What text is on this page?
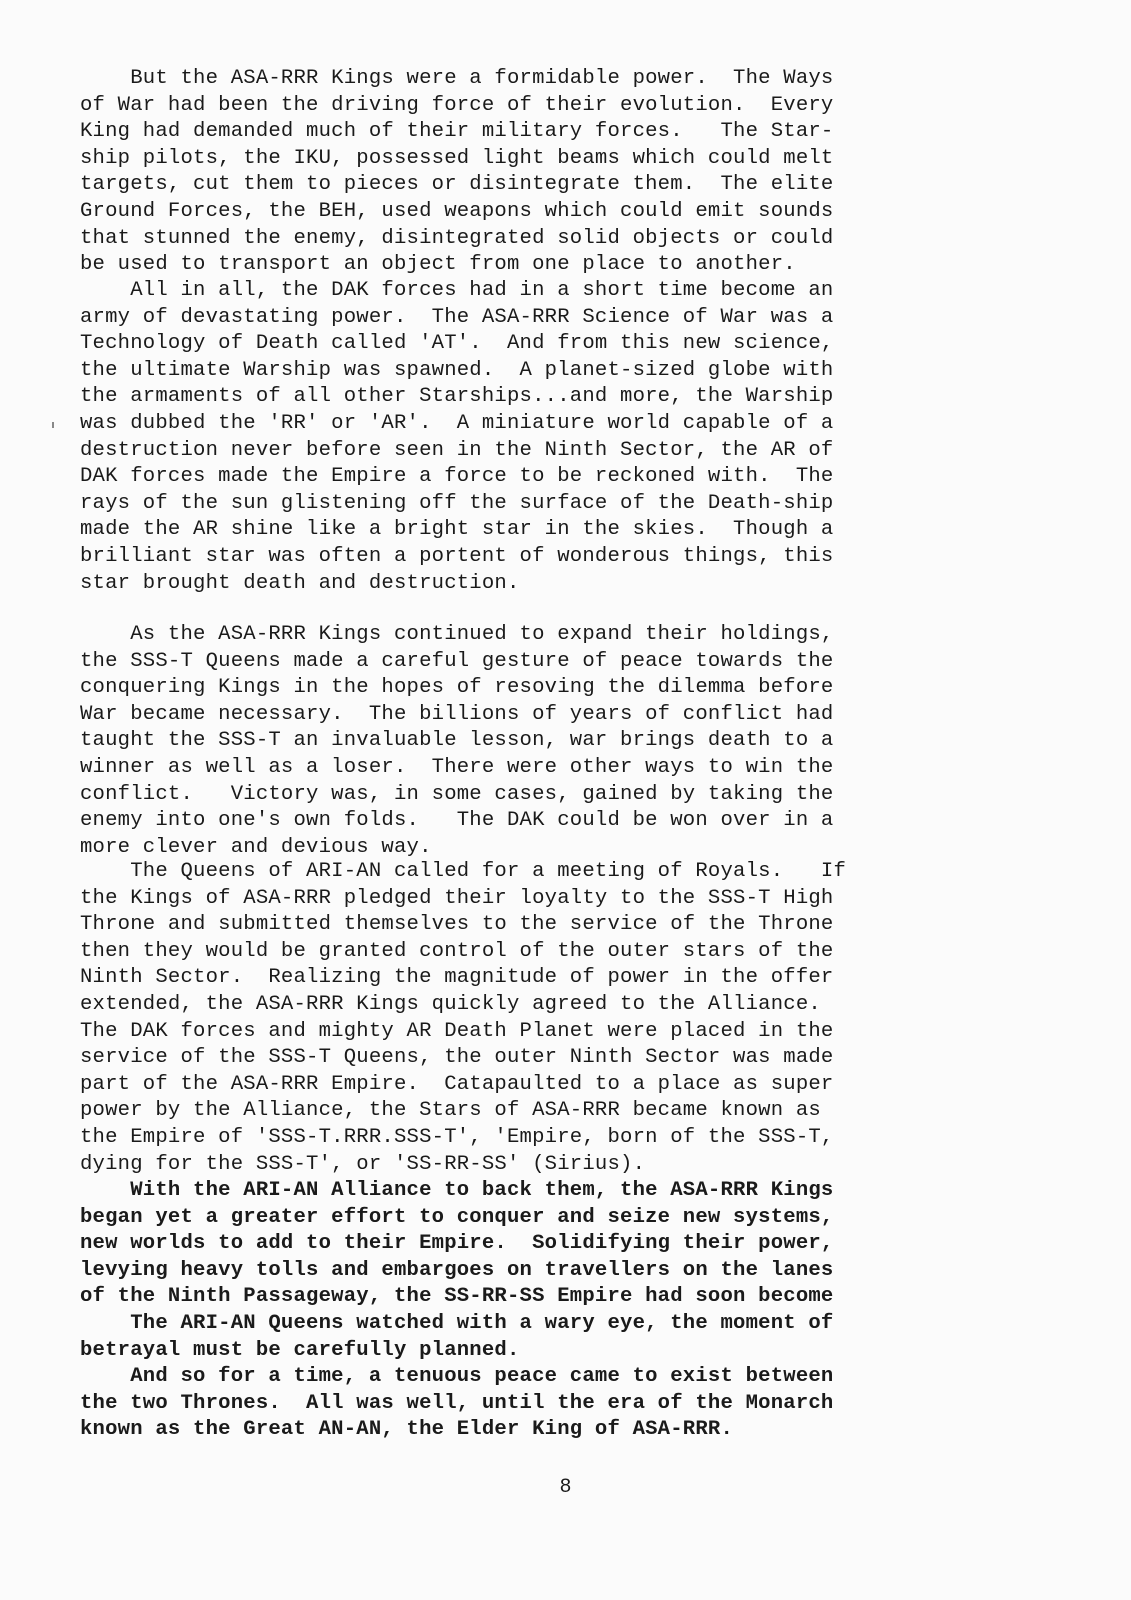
But the ASA-RRR Kings were a formidable power.  The Ways
of War had been the driving force of their evolution.  Every
King had demanded much of their military forces.   The Star-
ship pilots, the IKU, possessed light beams which could melt
targets, cut them to pieces or disintegrate them.  The elite
Ground Forces, the BEH, used weapons which could emit sounds
that stunned the enemy, disintegrated solid objects or could
be used to transport an object from one place to another.
All in all, the DAK forces had in a short time become an
army of devastating power.  The ASA-RRR Science of War was a
Technology of Death called 'AT'.  And from this new science,
the ultimate Warship was spawned.  A planet-sized globe with
the armaments of all other Starships...and more, the Warship
was dubbed the 'RR' or 'AR'.  A miniature world capable of a
destruction never before seen in the Ninth Sector, the AR of
DAK forces made the Empire a force to be reckoned with.  The
rays of the sun glistening off the surface of the Death-ship
made the AR shine like a bright star in the skies.  Though a
brilliant star was often a portent of wonderous things, this
star brought death and destruction.
As the ASA-RRR Kings continued to expand their holdings,
the SSS-T Queens made a careful gesture of peace towards the
conquering Kings in the hopes of resoving the dilemma before
War became necessary.  The billions of years of conflict had
taught the SSS-T an invaluable lesson, war brings death to a
winner as well as a loser.  There were other ways to win the
conflict.   Victory was, in some cases, gained by taking the
enemy into one's own folds.   The DAK could be won over in a
more clever and devious way.
The Queens of ARI-AN called for a meeting of Royals.   If
the Kings of ASA-RRR pledged their loyalty to the SSS-T High
Throne and submitted themselves to the service of the Throne
then they would be granted control of the outer stars of the
Ninth Sector.  Realizing the magnitude of power in the offer
extended, the ASA-RRR Kings quickly agreed to the Alliance.
The DAK forces and mighty AR Death Planet were placed in the
service of the SSS-T Queens, the outer Ninth Sector was made
part of the ASA-RRR Empire.  Catapaulted to a place as super
power by the Alliance, the Stars of ASA-RRR became known as
the Empire of 'SSS-T.RRR.SSS-T', 'Empire, born of the SSS-T,
dying for the SSS-T', or 'SS-RR-SS' (Sirius).
With the ARI-AN Alliance to back them, the ASA-RRR Kings
began yet a greater effort to conquer and seize new systems,
new worlds to add to their Empire.  Solidifying their power,
levying heavy tolls and embargoes on travellers on the lanes
of the Ninth Passageway, the SS-RR-SS Empire had soon become
The ARI-AN Queens watched with a wary eye, the moment of
betrayal must be carefully planned.
And so for a time, a tenuous peace came to exist between
the two Thrones.  All was well, until the era of the Monarch
known as the Great AN-AN, the Elder King of ASA-RRR.
8
